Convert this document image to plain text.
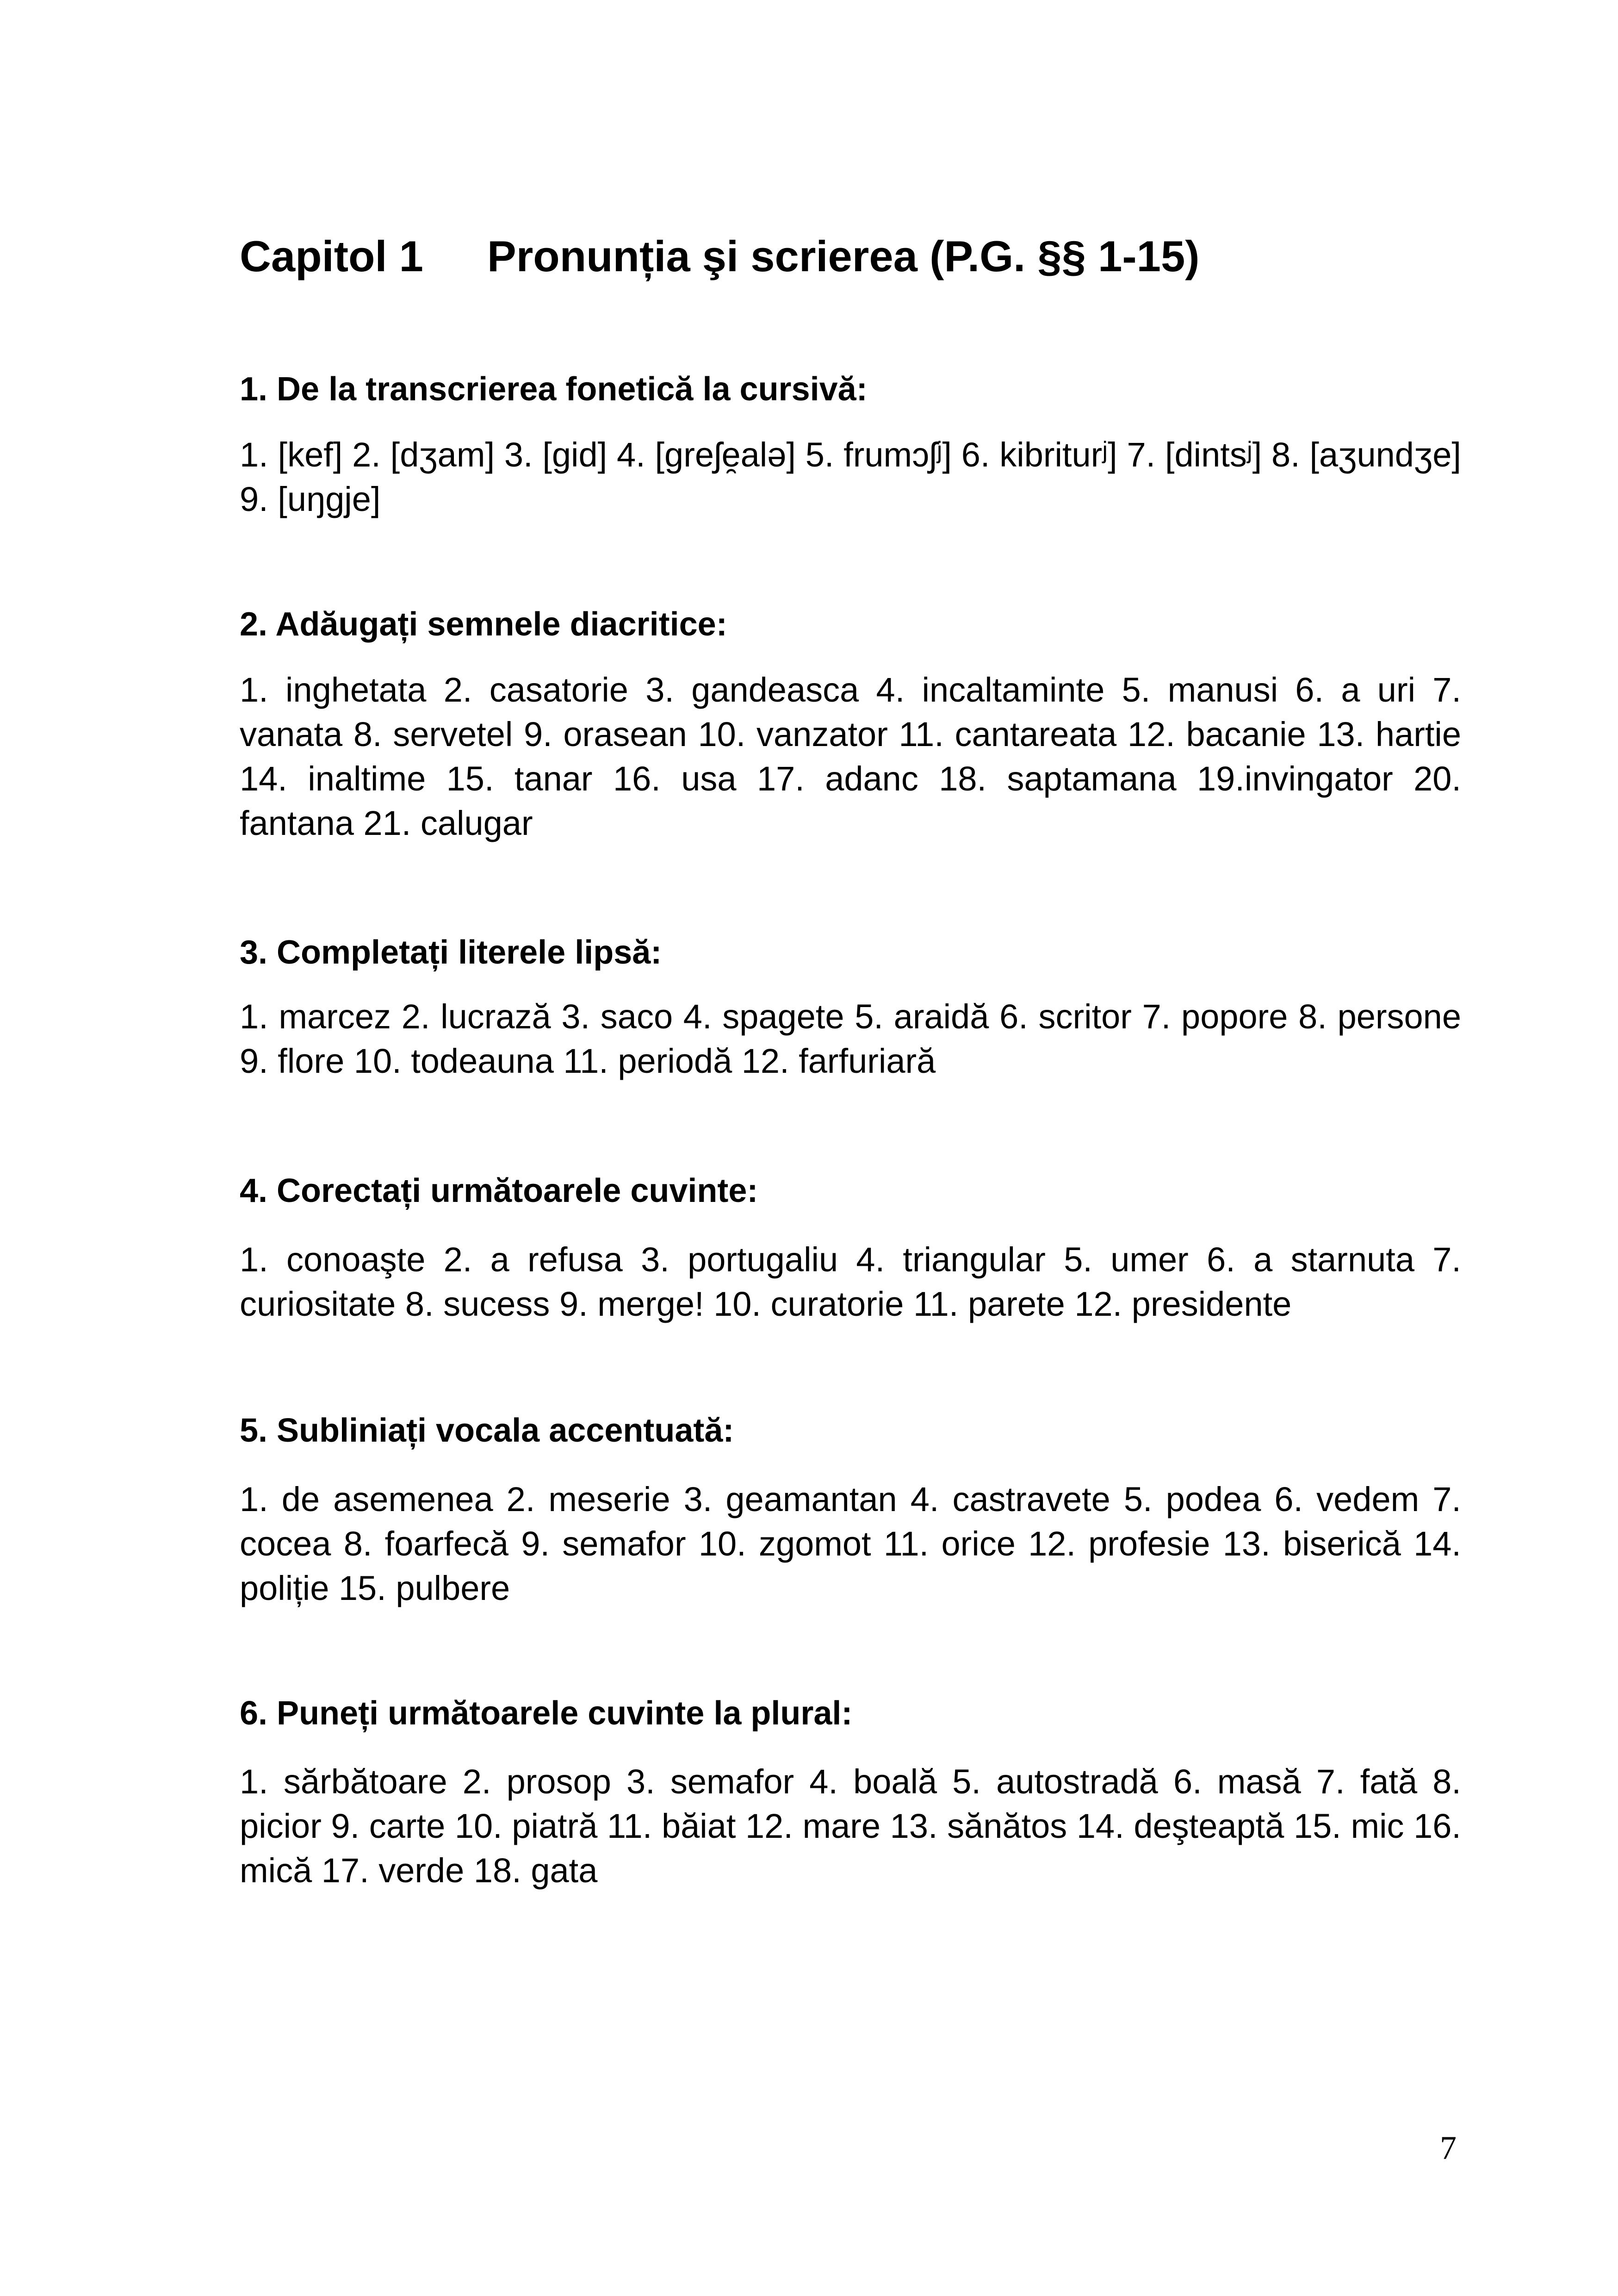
Capitol 1 Pronunția şi scrierea (P.G. §§ 1-15)
1. De la transcrierea fonetică la cursivă:
1. [kef] 2. [dʒam] 3. [gid] 4. [greʃe̯alə] 5. frumɔʃʲ] 6. kibriturʲ] 7. [dintsʲ] 8. [aʒundʒe] 9. [uŋgje]
2. Adăugați semnele diacritice:
1. inghetata 2. casatorie 3. gandeasca 4. incaltaminte 5. manusi 6. a uri 7. vanata 8. servetel 9. orasean 10. vanzator 11. cantareata 12. bacanie 13. hartie 14. inaltime 15. tanar 16. usa 17. adanc 18. saptamana 19.invingator 20. fantana 21. calugar
3. Completați literele lipsă:
1. marcez 2. lucrază 3. saco 4. spagete 5. araidă 6. scritor 7. popore 8. persone 9. flore 10. todeauna 11. periodă 12. farfuriară
4. Corectați următoarele cuvinte:
1. conoaşte 2. a refusa 3. portugaliu 4. triangular 5. umer 6. a starnuta 7. curiositate 8. sucess 9. merge! 10. curatorie 11. parete 12. presidente
5. Subliniați vocala accentuată:
1. de asemenea 2. meserie 3. geamantan 4. castravete 5. podea 6. vedem 7. cocea 8. foarfecă 9. semafor 10. zgomot 11. orice 12. profesie 13. biserică 14. poliție 15. pulbere
6. Puneți următoarele cuvinte la plural:
1. sărbătoare 2. prosop 3. semafor 4. boală 5. autostradă 6. masă 7. fată 8. picior 9. carte 10. piatră 11. băiat 12. mare 13. sănătos 14. deşteaptă 15. mic 16. mică 17. verde 18. gata
7
